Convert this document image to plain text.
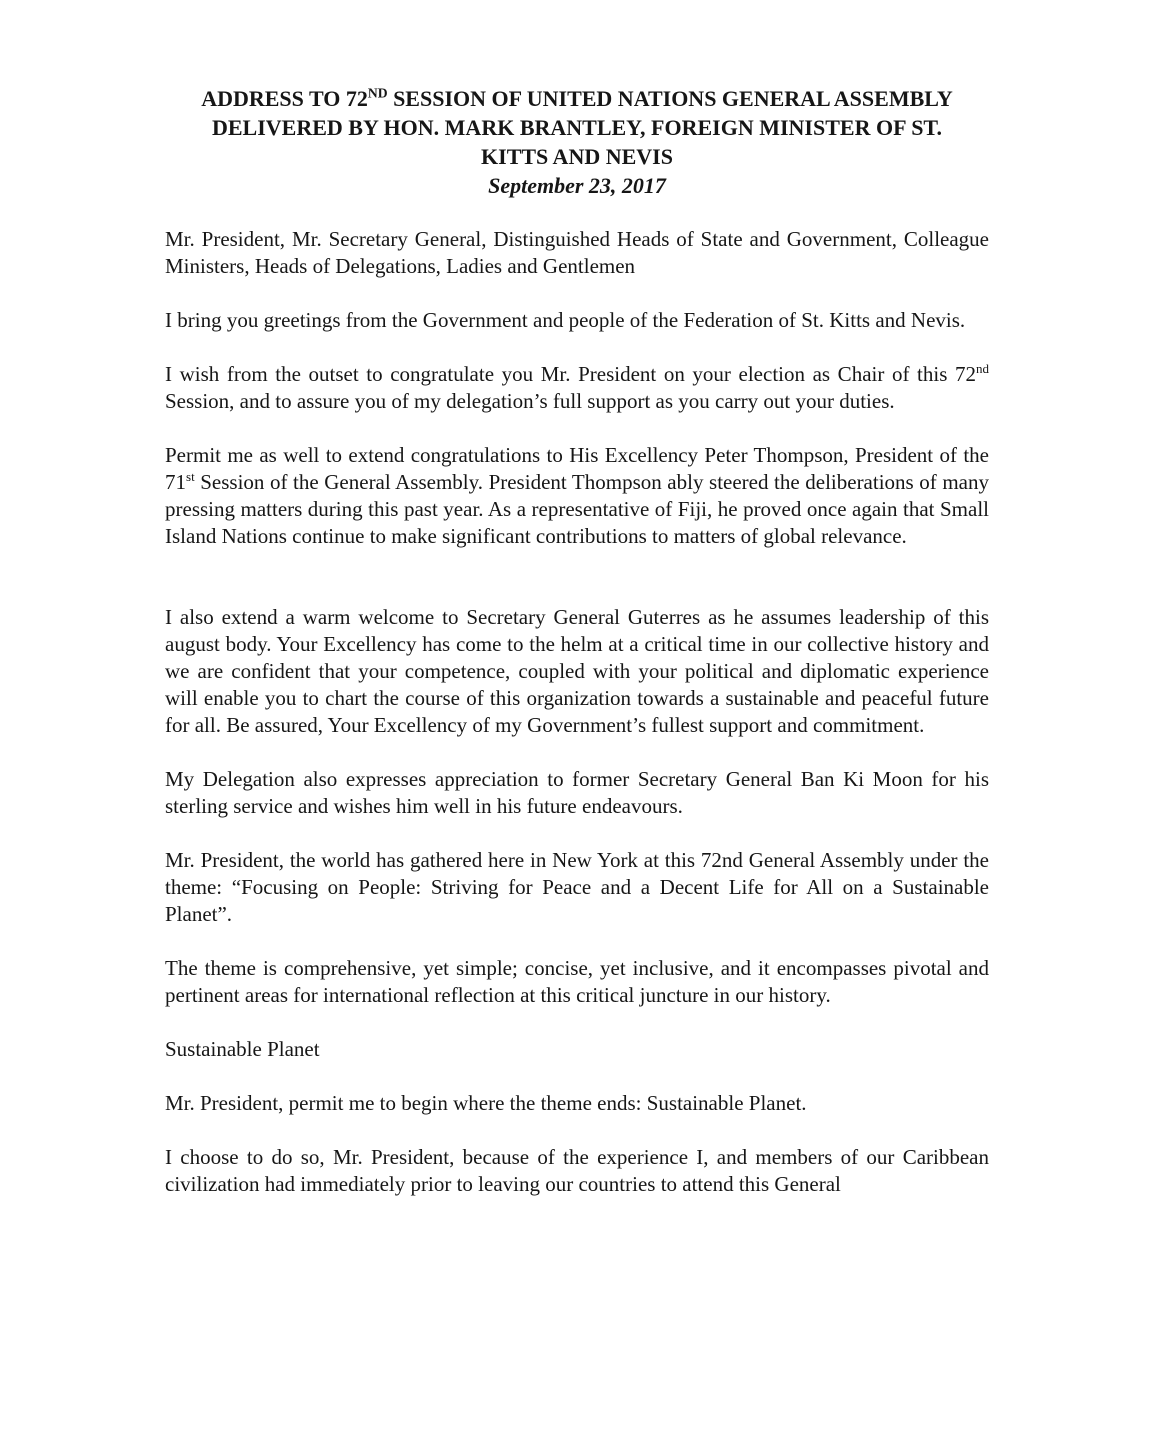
ADDRESS TO 72ND SESSION OF UNITED NATIONS GENERAL ASSEMBLY
DELIVERED BY HON. MARK BRANTLEY, FOREIGN MINISTER OF ST.
KITTS AND NEVIS
September 23, 2017

Mr. President, Mr. Secretary General, Distinguished Heads of State and Government, Colleague Ministers, Heads of Delegations, Ladies and Gentlemen

I bring you greetings from the Government and people of the Federation of St. Kitts and Nevis.

I wish from the outset to congratulate you Mr. President on your election as Chair of this 72nd Session, and to assure you of my delegation’s full support as you carry out your duties.

Permit me as well to extend congratulations to His Excellency Peter Thompson, President of the 71st Session of the General Assembly. President Thompson ably steered the deliberations of many pressing matters during this past year. As a representative of Fiji, he proved once again that Small Island Nations continue to make significant contributions to matters of global relevance.

I also extend a warm welcome to Secretary General Guterres as he assumes leadership of this august body. Your Excellency has come to the helm at a critical time in our collective history and we are confident that your competence, coupled with your political and diplomatic experience will enable you to chart the course of this organization towards a sustainable and peaceful future for all. Be assured, Your Excellency of my Government’s fullest support and commitment.

My Delegation also expresses appreciation to former Secretary General Ban Ki Moon for his sterling service and wishes him well in his future endeavours.

Mr. President, the world has gathered here in New York at this 72nd General Assembly under the theme: “Focusing on People: Striving for Peace and a Decent Life for All on a Sustainable Planet”.

The theme is comprehensive, yet simple; concise, yet inclusive, and it encompasses pivotal and pertinent areas for international reflection at this critical juncture in our history.

Sustainable Planet

Mr. President, permit me to begin where the theme ends: Sustainable Planet.

I choose to do so, Mr. President, because of the experience I, and members of our Caribbean civilization had immediately prior to leaving our countries to attend this General
